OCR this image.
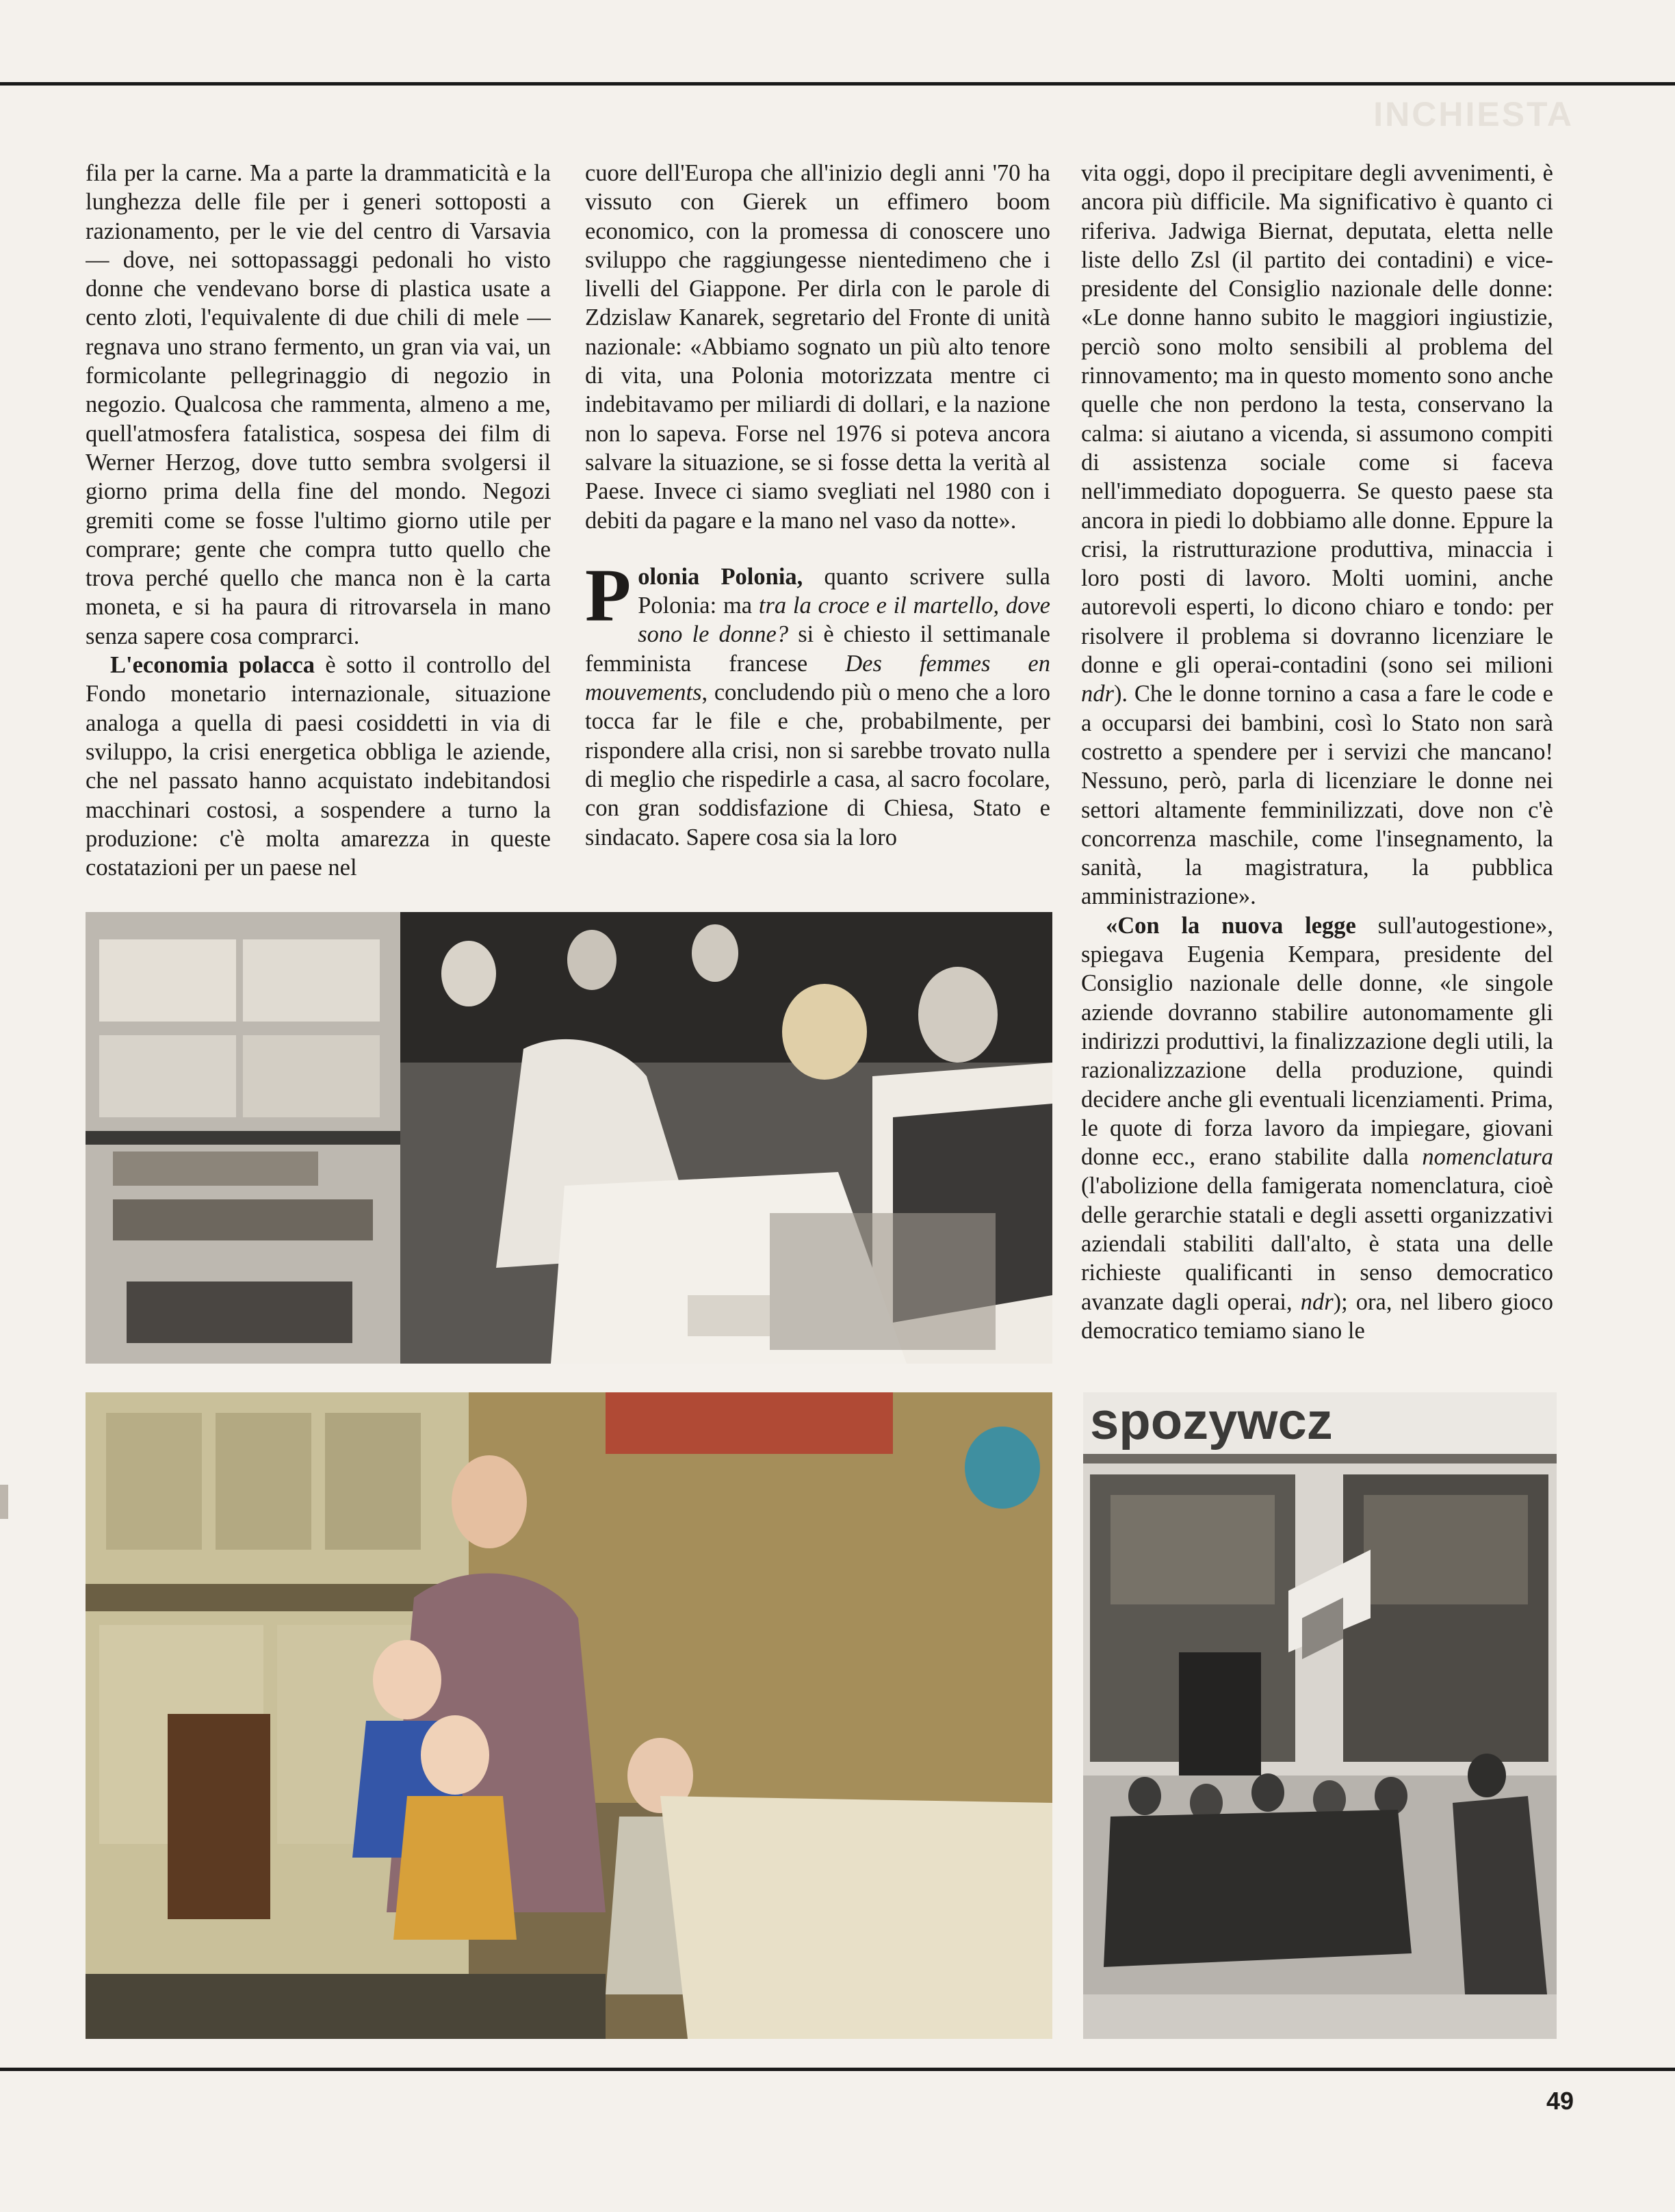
INCHIESTA

fila per la carne. Ma a parte la drammaticità e la lunghezza delle file per i generi sottoposti a razionamento, per le vie del centro di Varsavia — dove, nei sottopassaggi pedonali ho visto donne che vendevano borse di plastica usate a cento zloti, l'equivalente di due chili di mele — regnava uno strano fermento, un gran via vai, un formicolante pellegrinaggio di negozio in negozio. Qualcosa che rammenta, almeno a me, quell'atmosfera fatalistica, sospesa dei film di Werner Herzog, dove tutto sembra svolgersi il giorno prima della fine del mondo. Negozi gremiti come se fosse l'ultimo giorno utile per comprare; gente che compra tutto quello che trova perché quello che manca non è la carta moneta, e si ha paura di ritrovarsela in mano senza sapere cosa comprarci.

L'economia polacca è sotto il controllo del Fondo monetario internazionale, situazione analoga a quella di paesi cosiddetti in via di sviluppo, la crisi energetica obbliga le aziende, che nel passato hanno acquistato indebitandosi macchinari costosi, a sospendere a turno la produzione: c'è molta amarezza in queste costatazioni per un paese nel

cuore dell'Europa che all'inizio degli anni '70 ha vissuto con Gierek un effimero boom economico, con la promessa di conoscere uno sviluppo che raggiungesse nientedimeno che i livelli del Giappone. Per dirla con le parole di Zdzislaw Kanarek, segretario del Fronte di unità nazionale: «Abbiamo sognato un più alto tenore di vita, una Polonia motorizzata mentre ci indebitavamo per miliardi di dollari, e la nazione non lo sapeva. Forse nel 1976 si poteva ancora salvare la situazione, se si fosse detta la verità al Paese. Invece ci siamo svegliati nel 1980 con i debiti da pagare e la mano nel vaso da notte».

Polonia Polonia, quanto scrivere sulla Polonia: ma tra la croce e il martello, dove sono le donne? si è chiesto il settimanale femminista francese Des femmes en mouvements, concludendo più o meno che a loro tocca far le file e che, probabilmente, per rispondere alla crisi, non si sarebbe trovato nulla di meglio che rispedirle a casa, al sacro focolare, con gran soddisfazione di Chiesa, Stato e sindacato. Sapere cosa sia la loro

vita oggi, dopo il precipitare degli avvenimenti, è ancora più difficile. Ma significativo è quanto ci riferiva. Jadwiga Biernat, deputata, eletta nelle liste dello Zsl (il partito dei contadini) e vice-presidente del Consiglio nazionale delle donne: «Le donne hanno subito le maggiori ingiustizie, perciò sono molto sensibili al problema del rinnovamento; ma in questo momento sono anche quelle che non perdono la testa, conservano la calma: si aiutano a vicenda, si assumono compiti di assistenza sociale come si faceva nell'immediato dopoguerra. Se questo paese sta ancora in piedi lo dobbiamo alle donne. Eppure la crisi, la ristrutturazione produttiva, minaccia i loro posti di lavoro. Molti uomini, anche autorevoli esperti, lo dicono chiaro e tondo: per risolvere il problema si dovranno licenziare le donne e gli operai-contadini (sono sei milioni ndr). Che le donne tornino a casa a fare le code e a occuparsi dei bambini, così lo Stato non sarà costretto a spendere per i servizi che mancano! Nessuno, però, parla di licenziare le donne nei settori altamente femminilizzati, dove non c'è concorrenza maschile, come l'insegnamento, la sanità, la magistratura, la pubblica amministrazione».

«Con la nuova legge sull'autogestione», spiegava Eugenia Kempara, presidente del Consiglio nazionale delle donne, «le singole aziende dovranno stabilire autonomamente gli indirizzi produttivi, la finalizzazione degli utili, la razionalizzazione della produzione, quindi decidere anche gli eventuali licenziamenti. Prima, le quote di forza lavoro da impiegare, giovani donne ecc., erano stabilite dalla nomenclatura (l'abolizione della famigerata nomenclatura, cioè delle gerarchie statali e degli assetti organizzativi aziendali stabiliti dall'alto, è stata una delle richieste qualificanti in senso democratico avanzate dagli operai, ndr); ora, nel libero gioco democratico temiamo siano le

spozywcz
49
